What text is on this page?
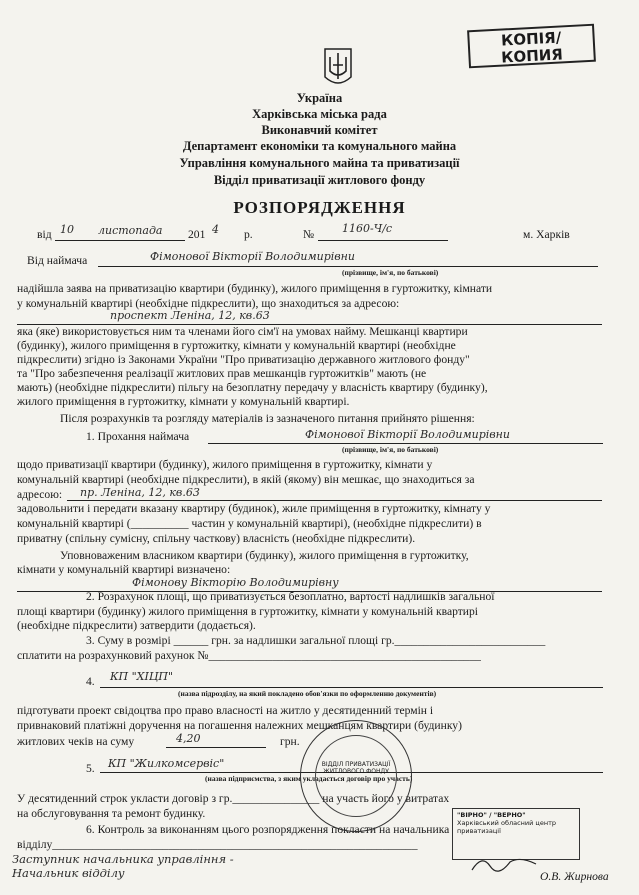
КОПІЯ/
КОПИЯ
Україна
Харківська міська рада
Виконавчий комітет
Департамент економіки та комунального майна
Управління комунального майна та приватизації
Відділ приватизації житлового фонду
РОЗПОРЯДЖЕННЯ
від 10 листопада 201 4 р.	№	1160-Ч/с	м. Харків
Від наймача	Фімонової Вікторії Володимирівни
(прізвище, ім'я, по батькові)
надійшла заява на приватизацію квартири (будинку), жилого приміщення в гуртожитку, кімнати
у комунальній квартирі (необхідне підкреслити), що знаходиться за адресою:
проспект Леніна, 12, кв.63
яка (яке) використовується ним та членами його сім'ї на умовах найму. Мешканці квартири
(будинку), жилого приміщення в гуртожитку, кімнати у комунальній квартирі (необхідне
підкреслити) згідно із Законами України "Про приватизацію державного житлового фонду"
та "Про забезпечення реалізації житлових прав мешканців гуртожитків" мають (не
мають) (необхідне підкреслити) пільгу на безоплатну передачу у власність квартиру (будинку),
жилого приміщення в гуртожитку, кімнати у комунальній квартирі.
Після розрахунків та розгляду матеріалів із зазначеного питання прийнято рішення:
1. Прохання наймача	Фімонової Вікторії Володимирівни
(прізвище, ім'я, по батькові)
щодо приватизації квартири (будинку), жилого приміщення в гуртожитку, кімнати у
комунальній квартирі (необхідне підкреслити), в якій (якому) він мешкає, що знаходиться за
адресою: пр. Леніна, 12, кв.63
задовольнити і передати вказану квартиру (будинок), жиле приміщення в гуртожитку, кімнату у
комунальній квартирі (__________ частин у комунальній квартирі), (необхідне підкреслити) в
приватну (спільну сумісну, спільну часткову) власність (необхідне підкреслити).
Уповноваженим власником квартири (будинку), жилого приміщення в гуртожитку,
кімнати у комунальній квартирі визначено:
Фімонову Вікторію Володимирівну
2. Розрахунок площі, що приватизується безоплатно, вартості надлишків загальної
площі квартири (будинку) жилого приміщення в гуртожитку, кімнати у комунальній квартирі
(необхідне підкреслити) затвердити (додається).
3. Суму в розмірі ______ грн. за надлишки загальної площі гр.__________________________
сплатити на розрахунковий рахунок №_______________________________________________
4. КП "ХІЦП"
(назва підрозділу, на який покладено обов'язки по оформленню документів)
підготувати проект свідоцтва про право власності на житло у десятиденний термін і
привнаковий платіжні доручення на погашення належних мешканцям квартири (будинку)
житлових чеків на суму	4,20	грн.
5. КП "Жилкомсервіс"
(назва підприємства, з яким укладається договір про участь)
У десятиденний строк укласти договір з гр._______________ на участь його у витратах
на обслуговування та ремонт будинку.
6. Контроль за виконанням цього розпорядження покласти на начальника
відділу_______________________________________________________________
ВІДДІЛ ПРИВАТИЗАЦІЇ ЖИТЛОВОГО ФОНДУ
"ВІРНО" / "ВЕРНО"
Харківський обласний центр
приватизації
Заступник начальника управління -
Начальник відділу	О.В. Жирнова
